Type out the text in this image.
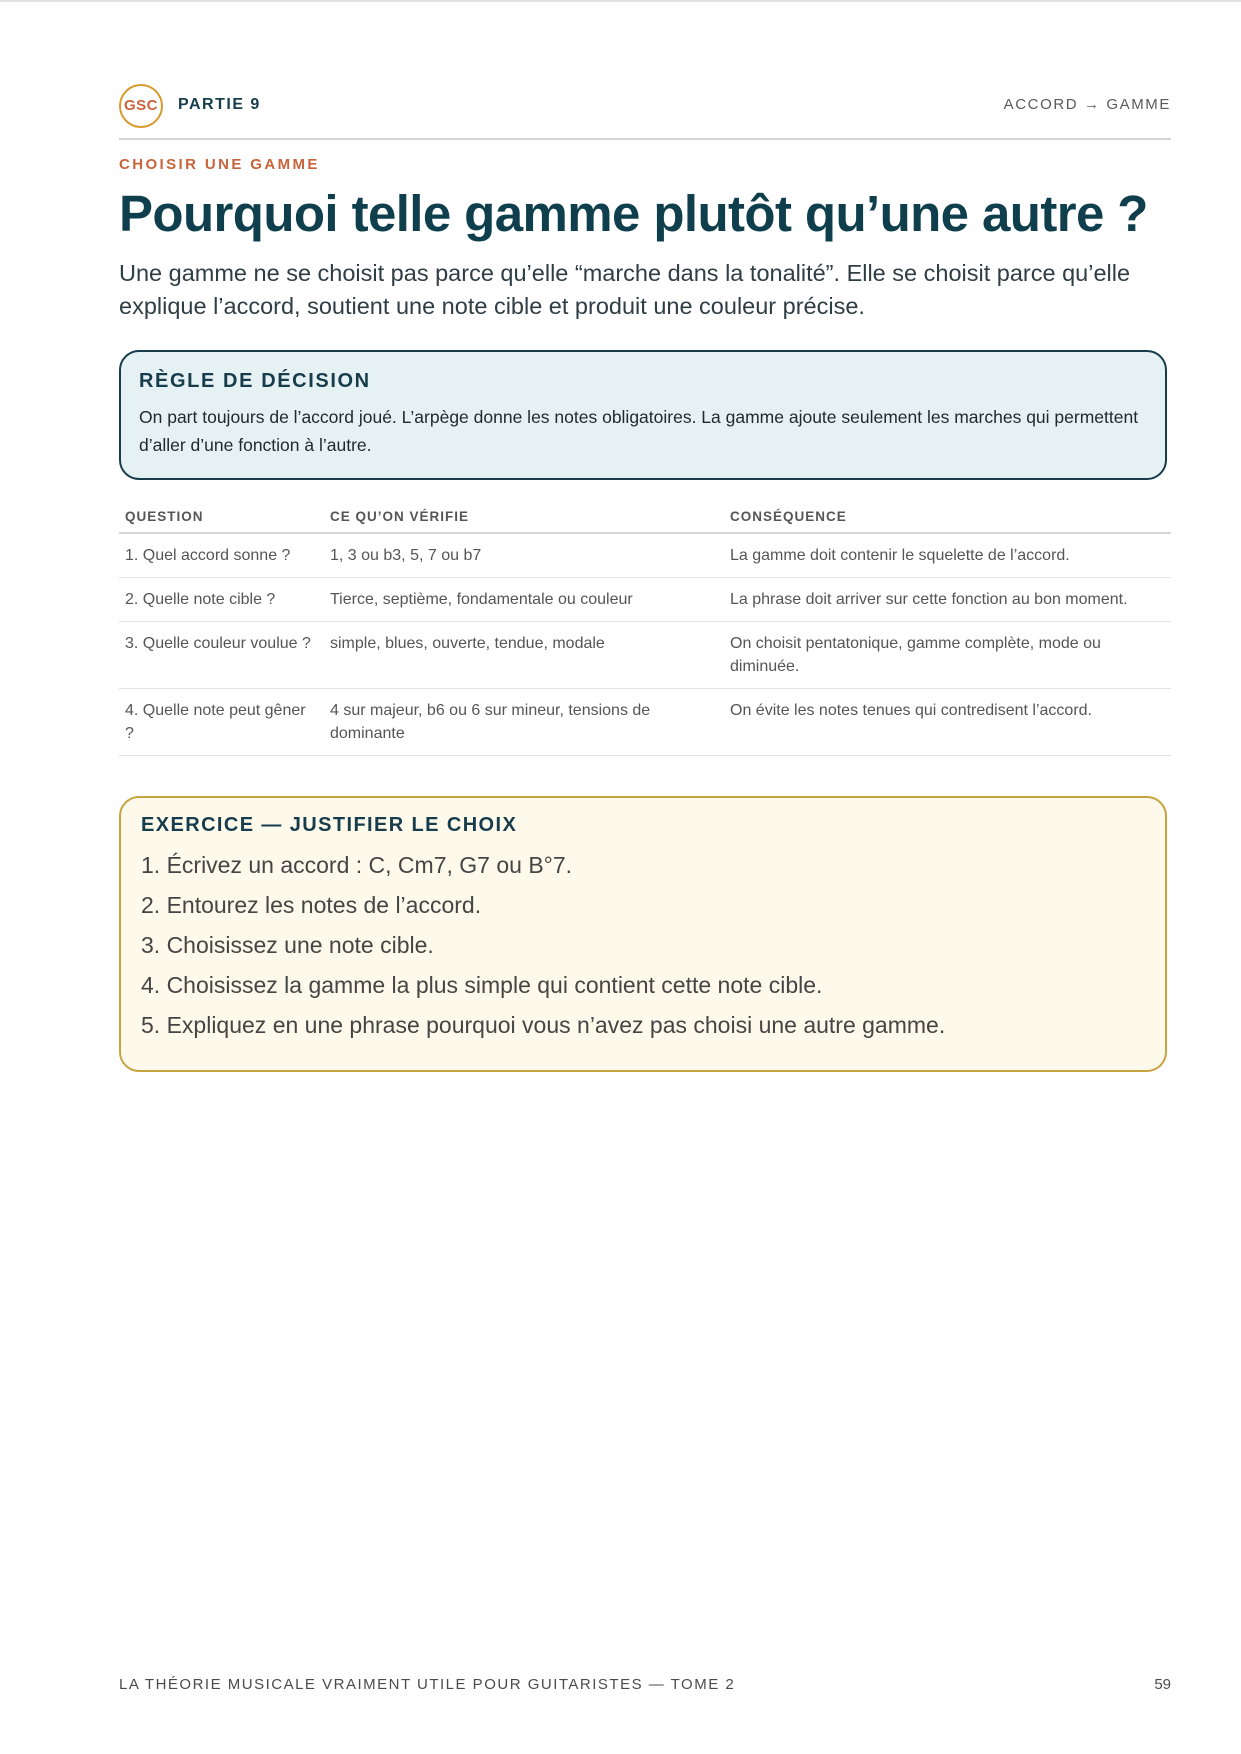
GSC	PARTIE 9	ACCORD → GAMME
CHOISIR UNE GAMME
Pourquoi telle gamme plutôt qu’une autre ?

Une gamme ne se choisit pas parce qu’elle “marche dans la tonalité”. Elle se choisit parce qu’elle explique l’accord, soutient une note cible et produit une couleur précise.

RÈGLE DE DÉCISION

On part toujours de l’accord joué. L’arpège donne les notes obligatoires. La gamme ajoute seulement les marches qui permettent d’aller d’une fonction à l’autre.

QUESTION	CE QU’ON VÉRIFIE	CONSÉQUENCE
1. Quel accord sonne ?	1, 3 ou b3, 5, 7 ou b7	La gamme doit contenir le squelette de l’accord.
2. Quelle note cible ?	Tierce, septième, fondamentale ou couleur	La phrase doit arriver sur cette fonction au bon moment.
3. Quelle couleur voulue ?	simple, blues, ouverte, tendue, modale	On choisit pentatonique, gamme complète, mode ou diminuée.
4. Quelle note peut gêner ?	4 sur majeur, b6 ou 6 sur mineur, tensions de dominante	On évite les notes tenues qui contredisent l’accord.
EXERCICE — JUSTIFIER LE CHOIX
1. Écrivez un accord : C, Cm7, G7 ou B°7.
2. Entourez les notes de l’accord.
3. Choisissez une note cible.
4. Choisissez la gamme la plus simple qui contient cette note cible.
5. Expliquez en une phrase pourquoi vous n’avez pas choisi une autre gamme.
LA THÉORIE MUSICALE VRAIMENT UTILE POUR GUITARISTES — TOME 2	59
